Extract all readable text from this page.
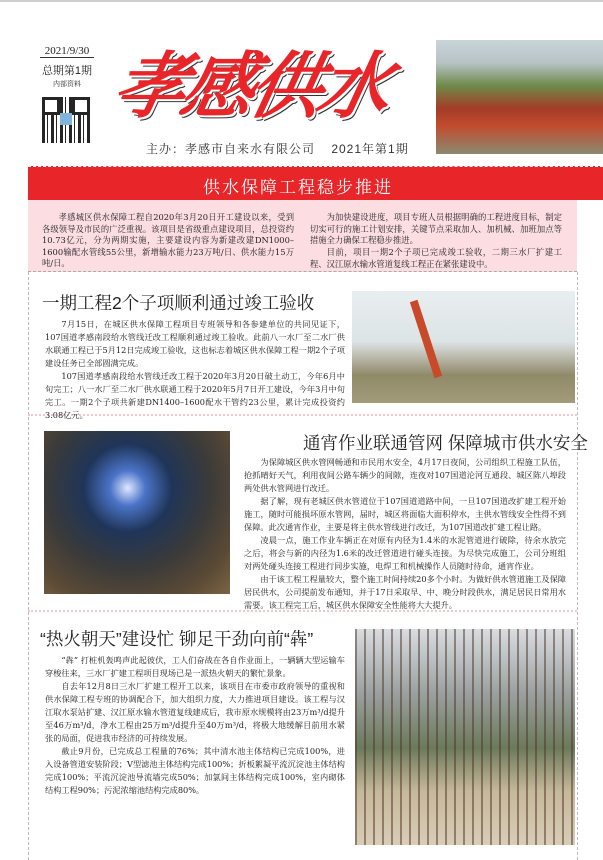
2021/9/30
总期第1期
内部资料 孝感供水
主办：孝感市自来水有限公司 2021年第1期
供水保障工程稳步推进

孝感城区供水保障工程自2020年3月20日开工建设以来，受到各级领导及市民的广泛重视。该项目是省级重点建设项目，总投资约10.73亿元，分为两期实施，主要建设内容为新建改建DN1000–1600输配水管线55公里，新增输水能力23万吨/日、供水能力15万吨/日。

为加快建设进度，项目专班人员根据明确的工程进度目标，制定切实可行的施工计划安排，关键节点采取加人、加机械、加班加点等措施全力确保工程稳步推进。

目前，项目一期2个子项已完成竣工验收，二期三水厂扩建工程、汉江原水输水管道复线工程正在紧张建设中。

一期工程2个子项顺利通过竣工验收

7月15日，在城区供水保障工程项目专班领导和各参建单位的共同见证下，107国道孝感南段给水管线迁改工程顺利通过竣工验收。此前八一水厂至二水厂供水联通工程已于5月12日完成竣工验收，这也标志着城区供水保障工程一期2个子项建设任务已全部圆满完成。

107国道孝感南段给水管线迁改工程于2020年3月20日破土动工，今年6月中旬完工；八一水厂至二水厂供水联通工程于2020年5月7日开工建设，今年3月中旬完工。一期2个子项共新建DN1400–1600配水干管约23公里，累计完成投资约3.08亿元。

通宵作业联通管网 保障城市供水安全

为保障城区供水管网畅通和市民用水安全，4月17日夜间，公司组织工程施工队伍，抢抓晴好天气，利用夜间公路车辆少的间隙，连夜对107国道沦河互通段、城区陈八埠段两处供水管网进行改迁。

据了解，现有老城区供水管道位于107国道道路中间，一旦107国道改扩建工程开始施工，随时可能损坏原水管网，届时，城区将面临大面积停水，主供水管线安全性得不到保障。此次通宵作业，主要是将主供水管线进行改迁，为107国道改扩建工程让路。

凌晨一点，施工作业车辆正在对原有内径为1.4米的水泥管道进行破除，待余水放完之后，将会与新的内径为1.6米的改迁管道进行碰头连接。为尽快完成施工，公司分班组对两处碰头连接工程进行同步实施，电焊工和机械操作人员随时待命，通宵作业。

由于该工程工程量较大，整个施工时间持续20多个小时。为做好供水管道施工及保障居民供水，公司提前发布通知，并于17日采取早、中、晚分时段供水，满足居民日常用水需要。该工程完工后，城区供水保障安全性能将大大提升。

“热火朝天”建设忙 铆足干劲向前“犇”

“犇” 打桩机轰鸣声此起彼伏，工人们奋战在各自作业面上，一辆辆大型运输车穿梭往来，三水厂扩建工程项目现场已是一派热火朝天的繁忙景象。

自去年12月8日三水厂扩建工程开工以来，该项目在市委市政府领导的重视和供水保障工程专班的协调配合下，加大组织力度，大力推进项目建设。该工程与汉江取水泵站扩建、汉江原水输水管道复线建成后，我市原水规模将由23万m³/d提升至46万m³/d，净水工程由25万m³/d提升至40万m³/d，将极大地缓解目前用水紧张的局面，促进我市经济的可持续发展。

截止9月份，已完成总工程量的76%；其中清水池主体结构已完成100%，进入设备管道安装阶段；V型滤池主体结构完成100%；折板絮凝平流沉淀池主体结构完成100%；平流沉淀池导流墙完成50%；加氯间主体结构完成100%，室内砌体结构工程90%；污泥浓缩池结构完成80%。
